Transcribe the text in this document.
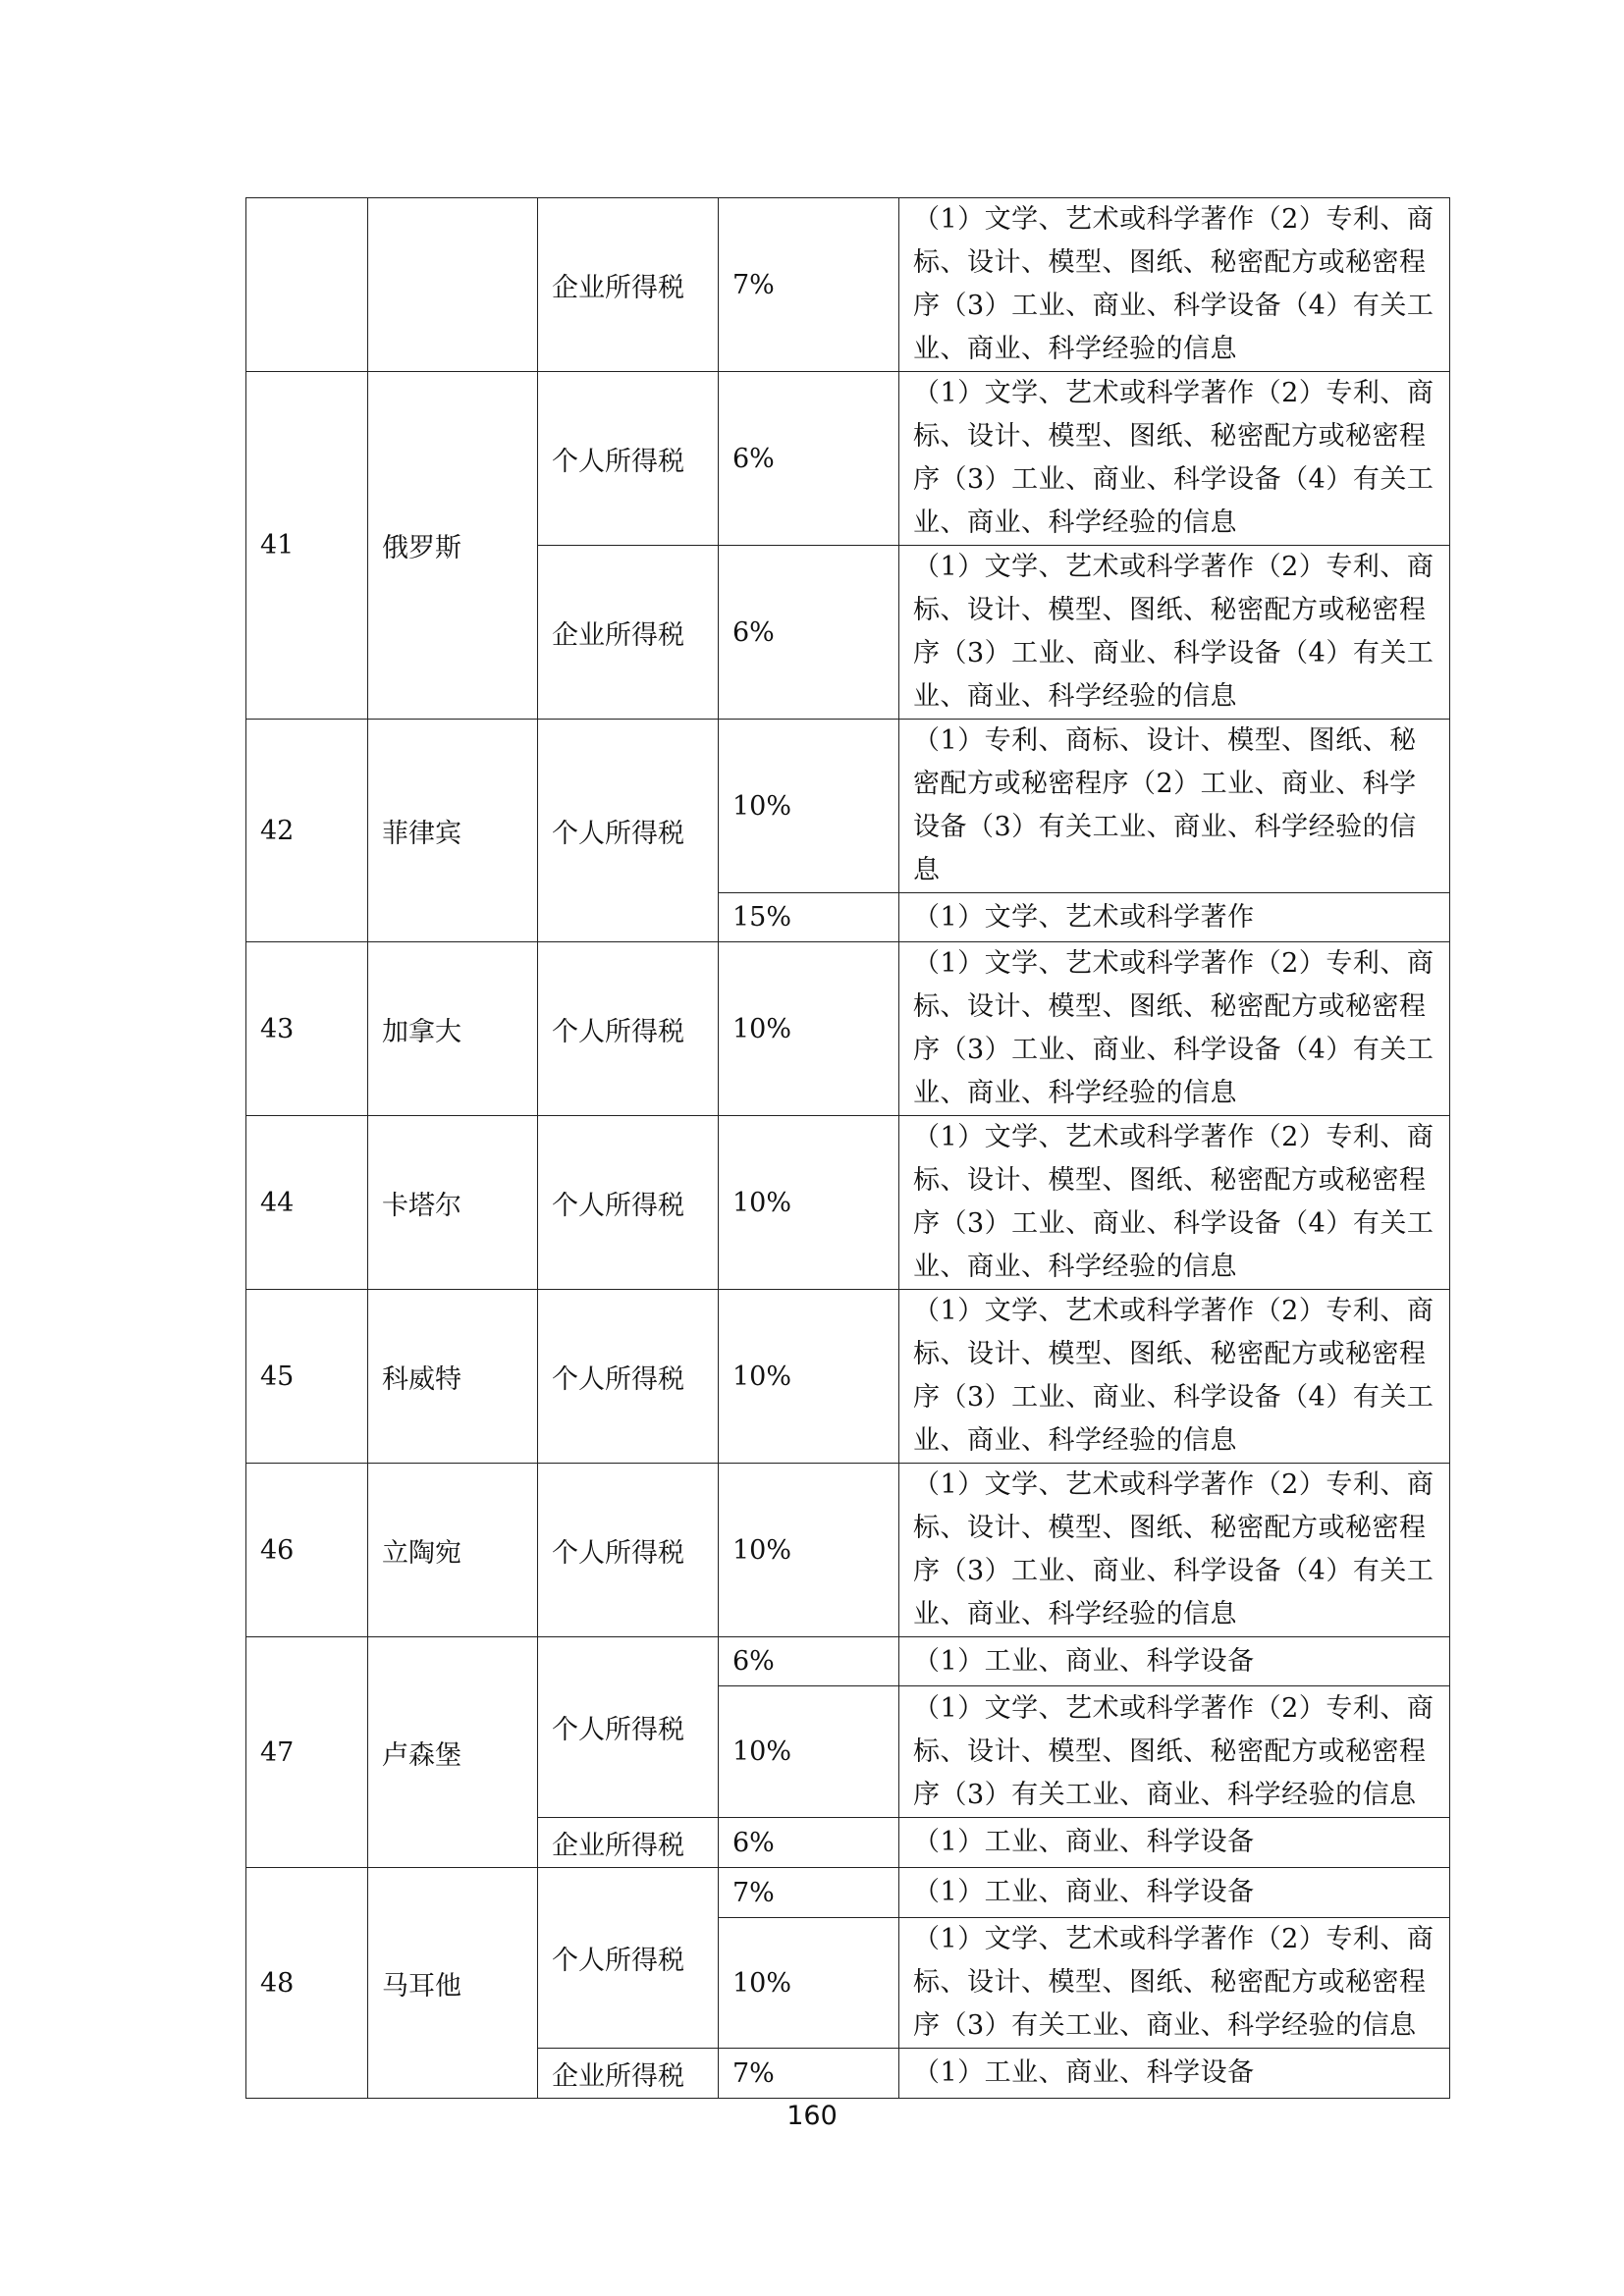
		企业所得税	7%	（1）文学、艺术或科学著作（2）专利、商标、设计、模型、图纸、秘密配方或秘密程序（3）工业、商业、科学设备（4）有关工业、商业、科学经验的信息
41	俄罗斯	个人所得税	6%	（1）文学、艺术或科学著作（2）专利、商标、设计、模型、图纸、秘密配方或秘密程序（3）工业、商业、科学设备（4）有关工业、商业、科学经验的信息
		企业所得税	6%	（1）文学、艺术或科学著作（2）专利、商标、设计、模型、图纸、秘密配方或秘密程序（3）工业、商业、科学设备（4）有关工业、商业、科学经验的信息
42	菲律宾	个人所得税	10%	（1）专利、商标、设计、模型、图纸、秘密配方或秘密程序（2）工业、商业、科学设备（3）有关工业、商业、科学经验的信息
			15%	（1）文学、艺术或科学著作
43	加拿大	个人所得税	10%	（1）文学、艺术或科学著作（2）专利、商标、设计、模型、图纸、秘密配方或秘密程序（3）工业、商业、科学设备（4）有关工业、商业、科学经验的信息
44	卡塔尔	个人所得税	10%	（1）文学、艺术或科学著作（2）专利、商标、设计、模型、图纸、秘密配方或秘密程序（3）工业、商业、科学设备（4）有关工业、商业、科学经验的信息
45	科威特	个人所得税	10%	（1）文学、艺术或科学著作（2）专利、商标、设计、模型、图纸、秘密配方或秘密程序（3）工业、商业、科学设备（4）有关工业、商业、科学经验的信息
46	立陶宛	个人所得税	10%	（1）文学、艺术或科学著作（2）专利、商标、设计、模型、图纸、秘密配方或秘密程序（3）工业、商业、科学设备（4）有关工业、商业、科学经验的信息
47	卢森堡	个人所得税	6%	（1）工业、商业、科学设备
			10%	（1）文学、艺术或科学著作（2）专利、商标、设计、模型、图纸、秘密配方或秘密程序（3）有关工业、商业、科学经验的信息
		企业所得税	6%	（1）工业、商业、科学设备
48	马耳他	个人所得税	7%	（1）工业、商业、科学设备
			10%	（1）文学、艺术或科学著作（2）专利、商标、设计、模型、图纸、秘密配方或秘密程序（3）有关工业、商业、科学经验的信息
		企业所得税	7%	（1）工业、商业、科学设备
160
